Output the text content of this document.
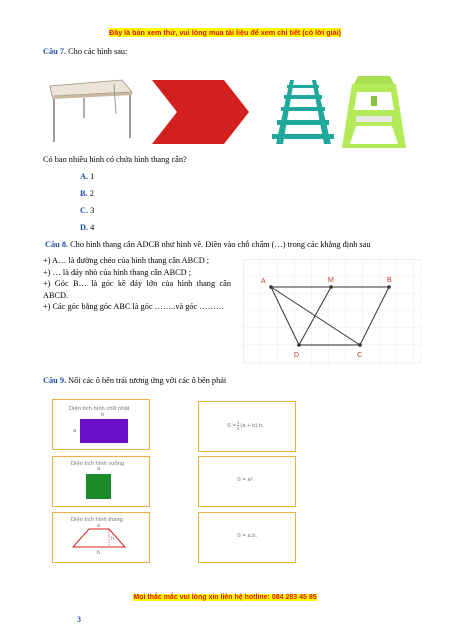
Đây là bản xem thử, vui lòng mua tài liệu để xem chi tiết (có lời giải)
Câu 7. Cho các hình sau:
Có bao nhiêu hình có chứa hình thang cân?
A. 1
B. 2
C. 3
D. 4
Câu 8. Cho hình thang cân ADCB như hình vẽ. Điền vào chỗ chấm (…) trong các khẳng định sau
+) A… là đường chéo của hình thang cân ABCD ;
+) … là đáy nhỏ của hình thang cân ABCD ;
+) Góc B… là góc kề đáy lớn của hình thang cân ABCD.
+) Các góc bằng góc ABC là góc ……..và góc ………
A	M	B
D	C
Câu 9. Nối các ô bên trái tương ứng với các ô bên phải
Diện tích hình chữ nhật
b
a
Diện tích hình vuông
a
Diện tích hình thang
a
h
b
$S = \frac{1}{2} (a + b).h$.
S = a².
S = a.b.
Mọi thắc mắc vui lòng xin liên hệ hotline: 084 283 45 85
3
